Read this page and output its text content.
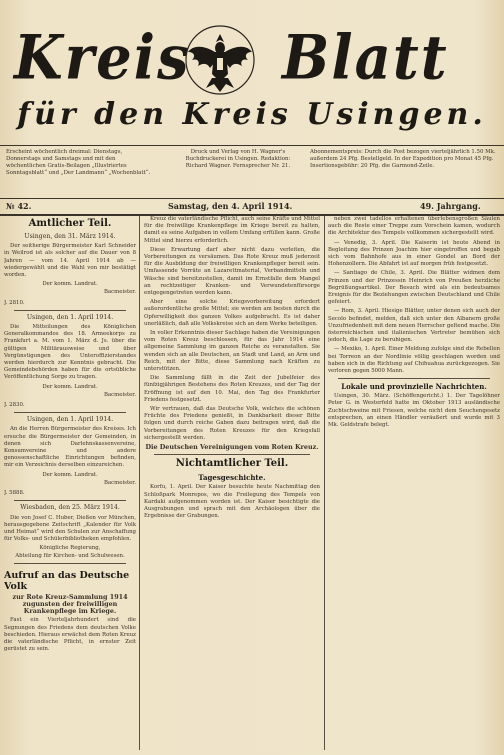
Kreis Blatt
für den Kreis Usingen.
Erscheint wöchentlich dreimal: Dienstags, Donnerstags und Samstags und mit den wöchentlichen Gratis-Beilagen „Illustriertes Sonntagsblatt“ und „Der Landmann“ „Wochenblatt“.
Druck und Verlag von H. Wagner's Buchdruckerei in Usingen. Redaktion: Richard Wagner. Fernsprecher Nr. 21.
Abonnementspreis: Durch die Post bezogen vierteljährlich 1.50 Mk. außerdem 24 Pfg. Bestellgeld. In der Expedition pro Monat 45 Pfg. Insertionsgebühr: 20 Pfg. die Garmond-Zeile.
№ 42.	Samstag, den 4. April 1914.	49. Jahrgang.
Amtlicher Teil.
Usingen, den 31. März 1914.

Der seitherige Bürgermeister Karl Schneider in Weilrod ist als solcher auf die Dauer von 8 Jahren — vom 14. April 1914 ab — wiedergewählt und die Wahl von mir bestätigt worden.

Der komm. Landrat.
Bacmeister.
J. 2810.
Usingen, den 1. April 1914.

Die Mitteilungen des Königlichen Generalkommandos des 18. Armeekorps zu Frankfurt a. M. vom 1. März d. Js. über die gültigen Militärausweise und über Vergünstigungen des Unteroffizierstandes werden hierdurch zur Kenntnis gebracht. Die Gemeindebehörden haben für die ortsübliche Veröffentlichung Sorge zu tragen.

Der komm. Landrat.
Bacmeister.
J. 2830.
Usingen, den 1. April 1914.

An die Herren Bürgermeister des Kreises. Ich ersuche die Bürgermeister der Gemeinden, in denen sich Darlehnskassenvereine, Konsumvereine und andere genossenschaftliche Einrichtungen befinden, mir ein Verzeichnis derselben einzureichen.

Der komm. Landrat.
Bacmeister.
J. 5888.
Wiesbaden, den 25. März 1914.

Die von Josef C. Huber, Dießen vor München, herausgegebene Zeitschrift „Kalender für Volk und Heimat“ wird den Schulen zur Anschaffung für Volks- und Schülerbibliotheken empfohlen.

Königliche Regierung,
Abteilung für Kirchen- und Schulwesen.
Aufruf an das Deutsche Volk
zur Rote Kreuz-Sammlung 1914 zugunsten der freiwilligen Krankenpflege im Kriege.

Fast ein Vierteljahrhundert sind die Segnungen des Friedens dem deutschen Volke beschieden. Hieraus erwächst dem Roten Kreuz die vaterländische Pflicht, in ernster Zeit gerüstet zu sein.

Kreuz die vaterländische Pflicht, auch seine Kräfte und Mittel für die freiwillige Krankenpflege im Kriege bereit zu halten, damit es seine Aufgaben in vollem Umfang erfüllen kann. Große Mittel sind hierzu erforderlich.

Diese Erwartung darf aber nicht dazu verleiten, die Vorbereitungen zu versäumen. Das Rote Kreuz muß jederzeit für die Ausbildung der freiwilligen Krankenpfleger bereit sein. Umfassende Vorräte an Lazarettmaterial, Verbandmitteln und Wäsche sind bereitzustellen, damit im Ernstfalle dem Mangel an rechtzeitiger Kranken- und Verwundetenfürsorge entgegengetreten werden kann.

Aber eine solche Kriegsvorbereitung erfordert außerordentliche große Mittel; sie werden am besten durch die Opferwilligkeit des ganzen Volkes aufgebracht. Es ist daher unerläßlich, daß alle Volkskreise sich an dem Werke beteiligen.

In voller Erkenntnis dieser Sachlage haben die Vereinigungen vom Roten Kreuz beschlossen, für das Jahr 1914 eine allgemeine Sammlung im ganzen Reiche zu veranstalten. Sie wenden sich an alle Deutschen, an Stadt und Land, an Arm und Reich, mit der Bitte, diese Sammlung nach Kräften zu unterstützen.

Die Sammlung fällt in die Zeit der Jubelfeier des fünfzigjährigen Bestehens des Roten Kreuzes, und der Tag der Eröffnung ist auf den 10. Mai, den Tag des Frankfurter Friedens festgesetzt.

Wir vertrauen, daß das Deutsche Volk, welches die schönen Früchte des Friedens genießt, in Dankbarkeit dieser Bitte folgen und durch reiche Gaben dazu beitragen wird, daß die Vorbereitungen des Roten Kreuzes für den Kriegsfall sichergestellt werden.

Die Deutschen Vereinigungen vom Roten Kreuz.
Nichtamtlicher Teil.
Tagesgeschichte.

Korfu, 1. April. Der Kaiser besuchte heute Nachmittag den Schloßpark Monrepos, wo die Freilegung des Tempels von Kardaki aufgenommen worden ist. Der Kaiser besichtigte die Ausgrabungen und sprach mit den Archäologen über die Ergebnisse der Grabungen.

neben zwei tadellos erhaltenen überlebensgroßen Säulen auch die Reste einer Treppe zum Vorschein kamen, wodurch die Architektur des Tempels vollkommen sichergestellt wird.

— Venedig, 3. April. Die Kaiserin ist heute Abend in Begleitung des Prinzen Joachim hier eingetroffen und begab sich vom Bahnhofe aus in einer Gondel an Bord der Hohenzollern. Die Abfahrt ist auf morgen früh festgesetzt.

— Santiago de Chile, 3. April. Die Blätter widmen dem Prinzen und der Prinzessin Heinrich von Preußen herzliche Begrüßungsartikel. Der Besuch wird als ein bedeutsames Ereignis für die Beziehungen zwischen Deutschland und Chile gefeiert.

— Rom, 3. April. Hiesige Blätter, unter denen sich auch der Secolo befindet, melden, daß sich unter den Albanern große Unzufriedenheit mit dem neuen Herrscher geltend mache. Die österreichischen und italienischen Vertreter bemühen sich jedoch, die Lage zu beruhigen.

— Mexiko, 1. April. Einer Meldung zufolge sind die Rebellen bei Torreon an der Nordlinie völlig geschlagen worden und haben sich in die Richtung auf Chihuahua zurückgezogen. Sie verloren gegen 5000 Mann.

Lokale und provinzielle Nachrichten.

Usingen, 30. März. (Schöffengericht.) 1. Der Tagelöhner Peter G. in Westerfeld hatte im Oktober 1913 ausländische Zuchtschweine mit Friesen, welche nicht dem Seuchengesetz entsprechen, an einen Händler veräußert und wurde mit 3 Mk. Geldstrafe belegt.
